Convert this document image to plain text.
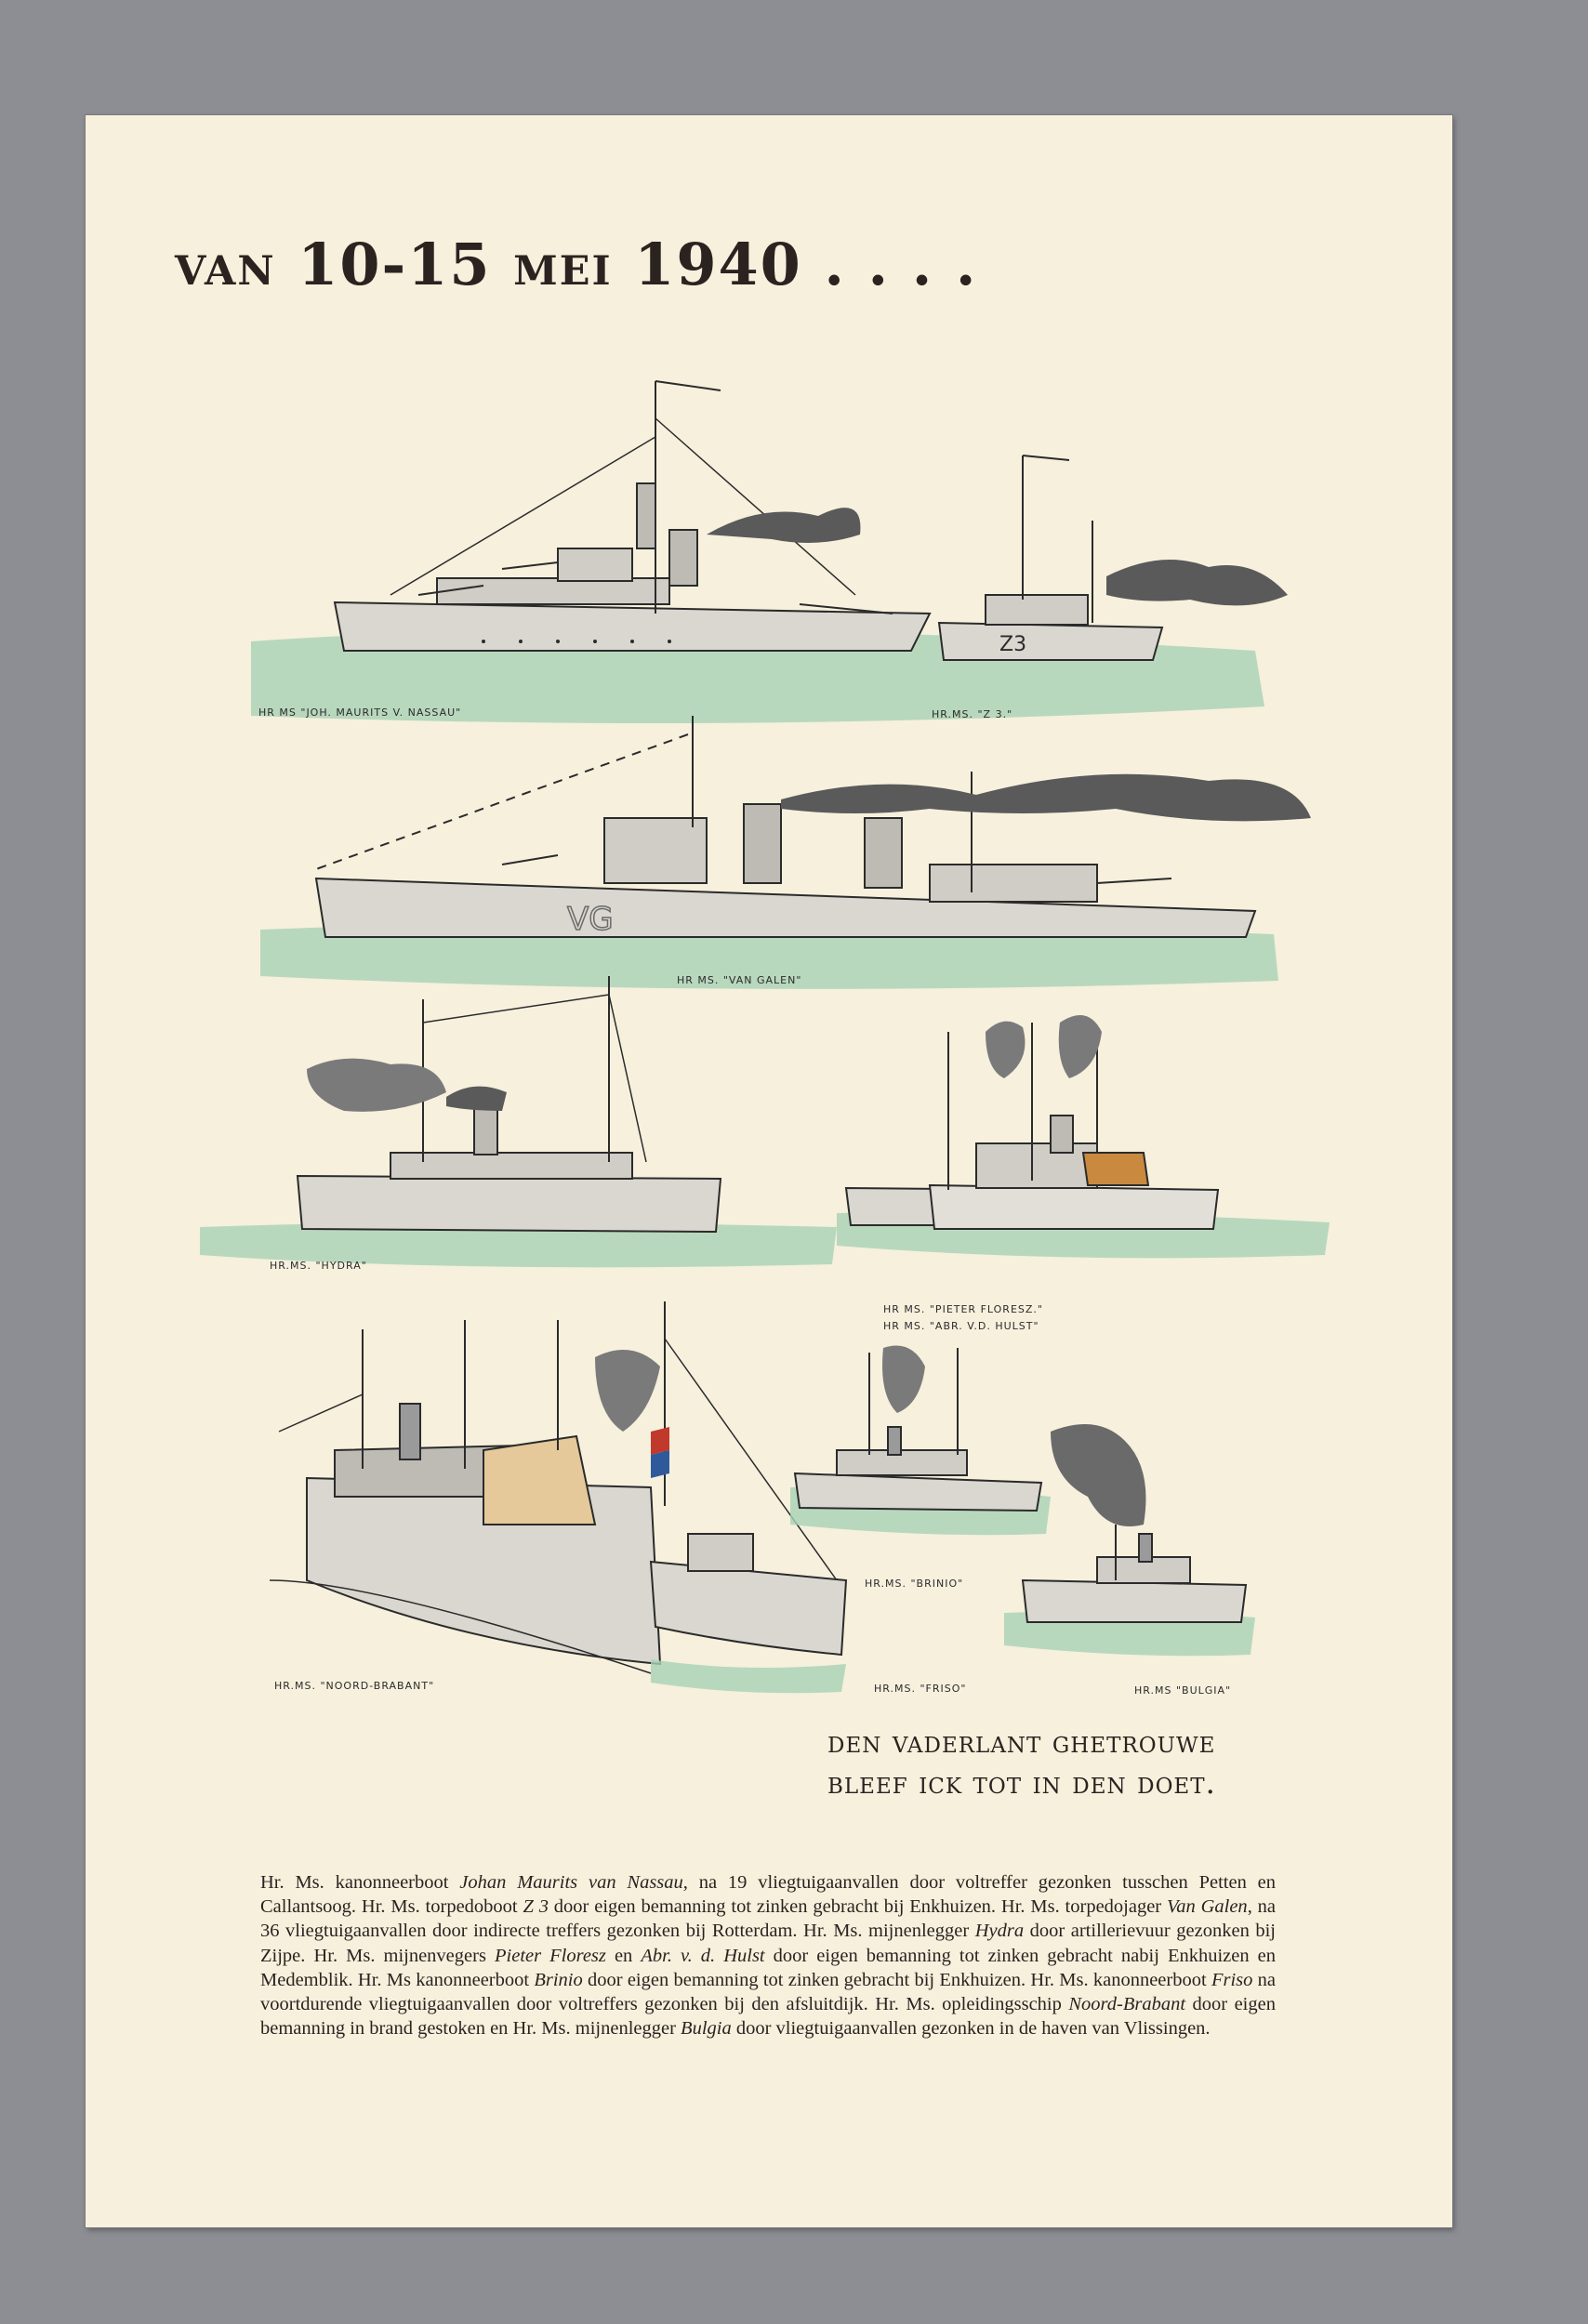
van 10-15 mei 1940 . . . .
Z3
VG
HR MS "JOH. MAURITS V. NASSAU"	HR.MS. "Z 3."
HR MS. "VAN GALEN"
HR.MS. "HYDRA"
HR MS. "PIETER FLORESZ."
HR MS. "ABR. V.D. HULST"
HR.MS. "BRINIO"
HR.MS. "NOORD-BRABANT"	HR.MS. "FRISO"	HR.MS "BULGIA"
den vaderlant ghetrouwe
bleef ick tot in den doet.

Hr. Ms. kanonneerboot Johan Maurits van Nassau, na 19 vliegtuigaanvallen door voltreffer gezonken tusschen Petten en Callantsoog. Hr. Ms. torpedoboot Z 3 door eigen bemanning tot zinken gebracht bij Enkhuizen. Hr. Ms. torpedojager Van Galen, na 36 vliegtuigaanvallen door indirecte treffers gezonken bij Rotterdam. Hr. Ms. mijnenlegger Hydra door artillerievuur gezonken bij Zijpe. Hr. Ms. mijnenvegers Pieter Floresz en Abr. v. d. Hulst door eigen bemanning tot zinken gebracht nabij Enkhuizen en Medemblik. Hr. Ms kanonneerboot Brinio door eigen bemanning tot zinken gebracht bij Enkhuizen. Hr. Ms. kanonneerboot Friso na voortdurende vliegtuigaanvallen door voltreffers gezonken bij den afsluitdijk. Hr. Ms. opleidingsschip Noord-Brabant door eigen bemanning in brand gestoken en Hr. Ms. mijnenlegger Bulgia door vliegtuigaanvallen gezonken in de haven van Vlissingen.
